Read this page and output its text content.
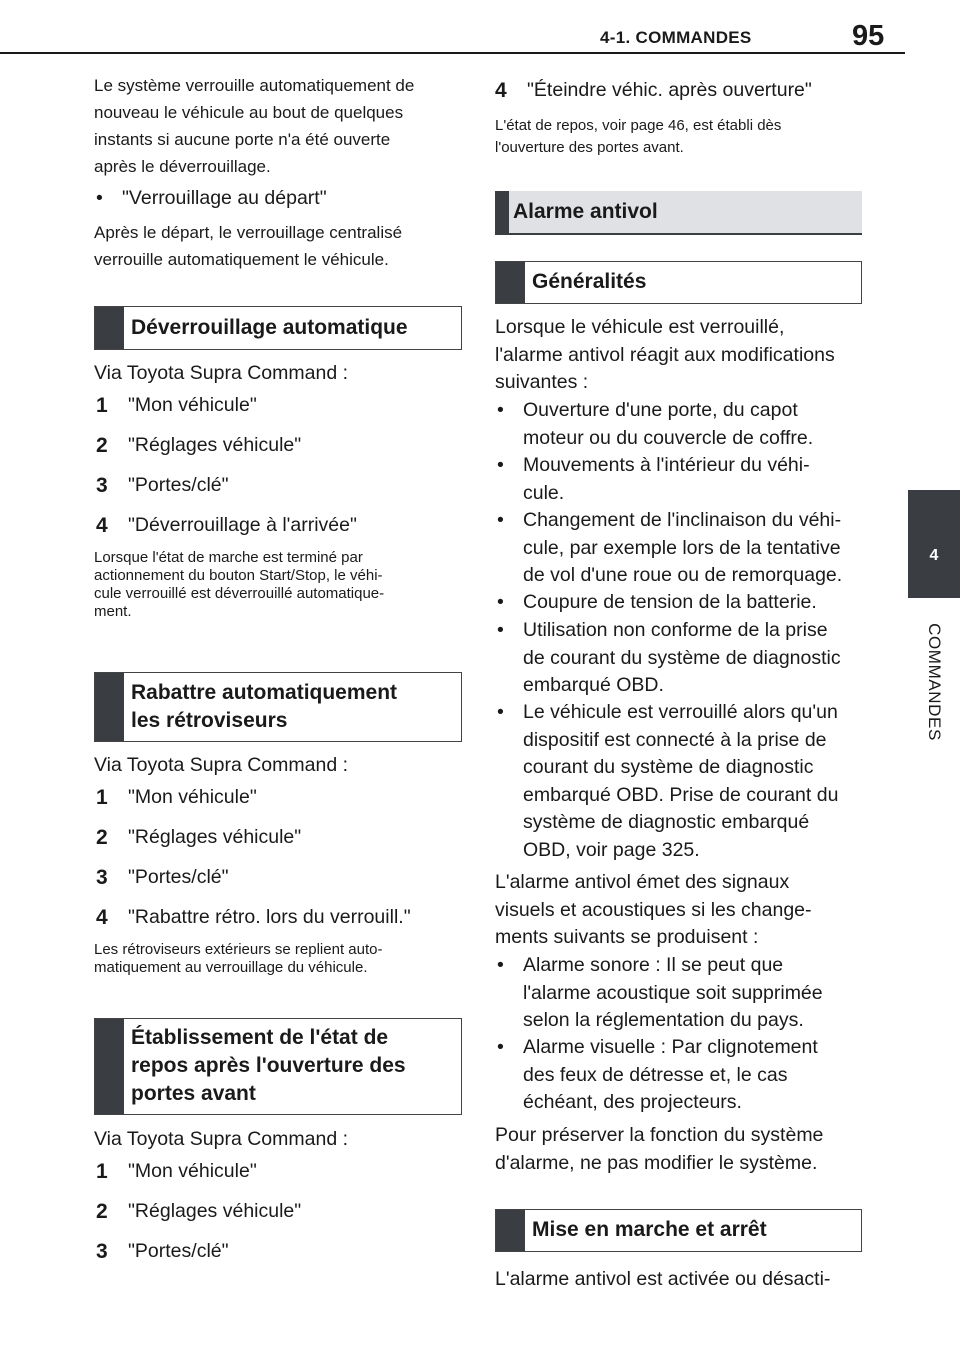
4-1. COMMANDES	95
4
COMMANDES
Le système verrouille automatiquement de
nouveau le véhicule au bout de quelques
instants si aucune porte n'a été ouverte
après le déverrouillage.
• "Verrouillage au départ"
Après le départ, le verrouillage centralisé
verrouille automatiquement le véhicule.
Déverrouillage automatique
Via Toyota Supra Command :
1 "Mon véhicule"
2 "Réglages véhicule"
3 "Portes/clé"
4 "Déverrouillage à l'arrivée"
Lorsque l'état de marche est terminé par
actionnement du bouton Start/Stop, le véhi-
cule verrouillé est déverrouillé automatique-
ment.
Rabattre automatiquement
les rétroviseurs
Via Toyota Supra Command :
1 "Mon véhicule"
2 "Réglages véhicule"
3 "Portes/clé"
4 "Rabattre rétro. lors du verrouill."
Les rétroviseurs extérieurs se replient auto-
matiquement au verrouillage du véhicule.
Établissement de l'état de
repos après l'ouverture des
portes avant
Via Toyota Supra Command :
1 "Mon véhicule"
2 "Réglages véhicule"
3 "Portes/clé"
4 "Éteindre véhic. après ouverture"
L'état de repos, voir page 46, est établi dès
l'ouverture des portes avant.
Alarme antivol
Généralités
Lorsque le véhicule est verrouillé,
l'alarme antivol réagit aux modifications
suivantes :
• Ouverture d'une porte, du capot
moteur ou du couvercle de coffre.
• Mouvements à l'intérieur du véhi-
cule.
• Changement de l'inclinaison du véhi-
cule, par exemple lors de la tentative
de vol d'une roue ou de remorquage.
• Coupure de tension de la batterie.
• Utilisation non conforme de la prise
de courant du système de diagnostic
embarqué OBD.
• Le véhicule est verrouillé alors qu'un
dispositif est connecté à la prise de
courant du système de diagnostic
embarqué OBD. Prise de courant du
système de diagnostic embarqué
OBD, voir page 325.
L'alarme antivol émet des signaux
visuels et acoustiques si les change-
ments suivants se produisent :
• Alarme sonore : Il se peut que
l'alarme acoustique soit supprimée
selon la réglementation du pays.
• Alarme visuelle : Par clignotement
des feux de détresse et, le cas
échéant, des projecteurs.
Pour préserver la fonction du système
d'alarme, ne pas modifier le système.
Mise en marche et arrêt
L'alarme antivol est activée ou désacti-
